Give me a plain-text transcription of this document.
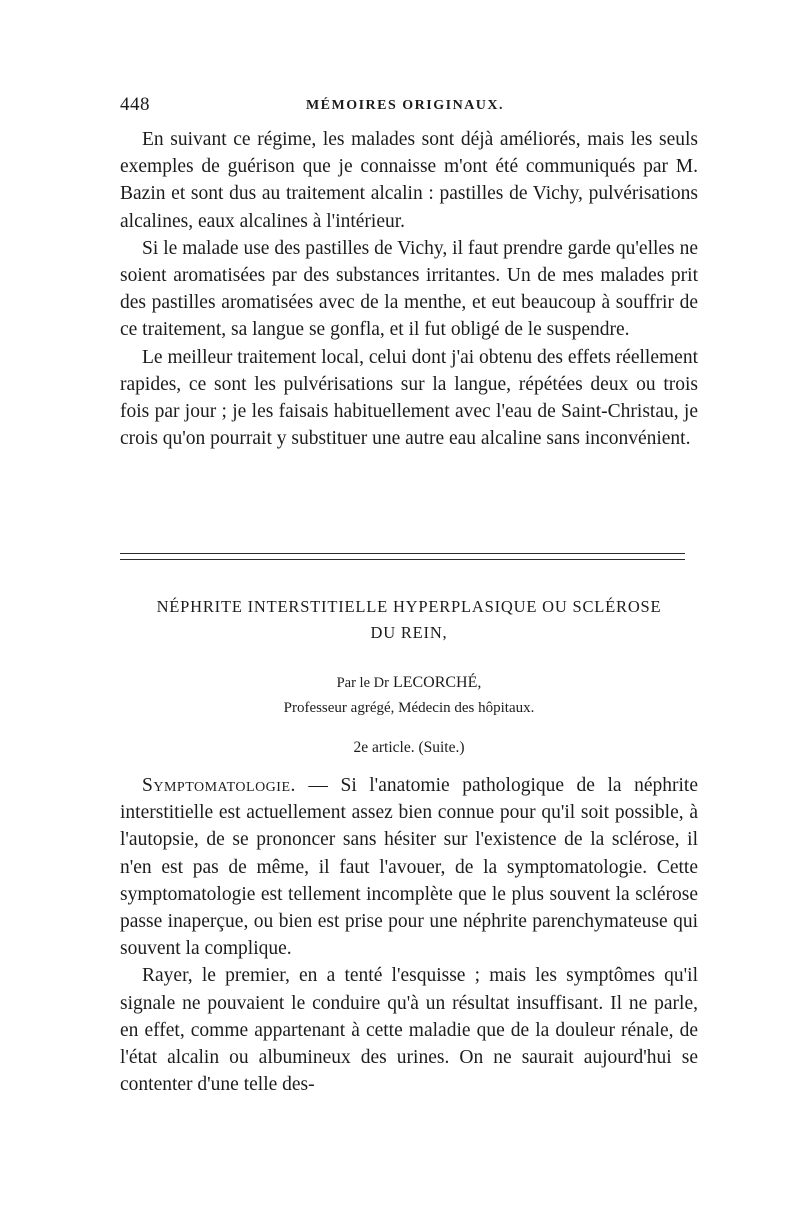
448	MÉMOIRES ORIGINAUX.

En suivant ce régime, les malades sont déjà améliorés, mais les seuls exemples de guérison que je connaisse m'ont été communiqués par M. Bazin et sont dus au traitement alcalin : pastilles de Vichy, pulvérisations alcalines, eaux alcalines à l'intérieur.

Si le malade use des pastilles de Vichy, il faut prendre garde qu'elles ne soient aromatisées par des substances irritantes. Un de mes malades prit des pastilles aromatisées avec de la menthe, et eut beaucoup à souffrir de ce traitement, sa langue se gonfla, et il fut obligé de le suspendre.

Le meilleur traitement local, celui dont j'ai obtenu des effets réellement rapides, ce sont les pulvérisations sur la langue, répétées deux ou trois fois par jour ; je les faisais habituellement avec l'eau de Saint-Christau, je crois qu'on pourrait y substituer une autre eau alcaline sans inconvénient.

NÉPHRITE INTERSTITIELLE HYPERPLASIQUE OU SCLÉROSE
DU REIN,
Par le Dr LECORCHÉ,
Professeur agrégé, Médecin des hôpitaux.
2e article. (Suite.)

Symptomatologie. — Si l'anatomie pathologique de la néphrite interstitielle est actuellement assez bien connue pour qu'il soit possible, à l'autopsie, de se prononcer sans hésiter sur l'existence de la sclérose, il n'en est pas de même, il faut l'avouer, de la symptomatologie. Cette symptomatologie est tellement incomplète que le plus souvent la sclérose passe inaperçue, ou bien est prise pour une néphrite parenchymateuse qui souvent la complique.

Rayer, le premier, en a tenté l'esquisse ; mais les symptômes qu'il signale ne pouvaient le conduire qu'à un résultat insuffisant. Il ne parle, en effet, comme appartenant à cette maladie que de la douleur rénale, de l'état alcalin ou albumineux des urines. On ne saurait aujourd'hui se contenter d'une telle des-
